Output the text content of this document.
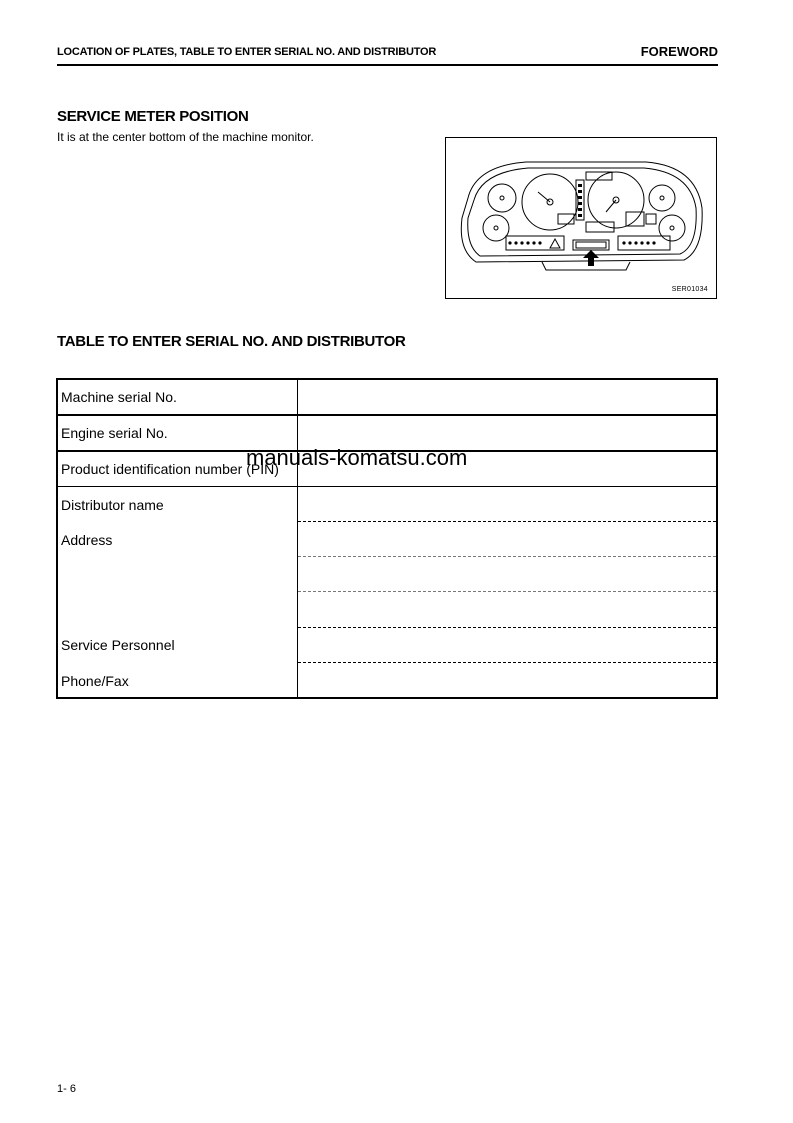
LOCATION OF PLATES, TABLE TO ENTER SERIAL NO. AND DISTRIBUTOR	FOREWORD
SERVICE METER POSITION
It is at the center bottom of the machine monitor.
SER01034
TABLE TO ENTER SERIAL NO. AND DISTRIBUTOR
Machine serial No.	
Engine serial No.	
Product identification number (PIN)	

Distributor name
Address
Service Personnel
Phone/Fax	

manuals-komatsu.com
1- 6
